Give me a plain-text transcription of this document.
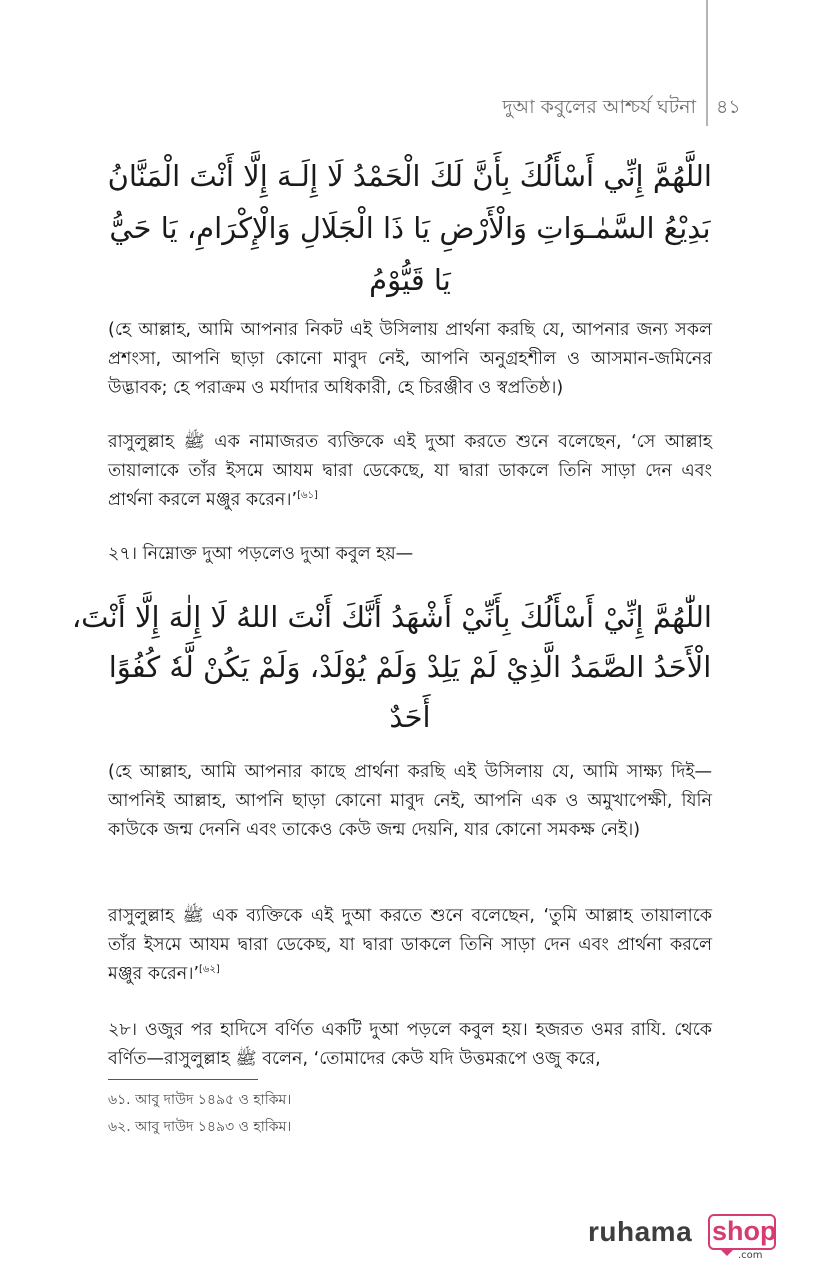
দুআ কবুলের আশ্চর্য ঘটনা ৪১
اللَّهُمَّ إِنِّي أَسْأَلُكَ بِأَنَّ لَكَ الْحَمْدُ لَا إِلَـهَ إِلَّا أَنْتَ الْمَنَّانُ
بَدِيْعُ السَّمٰـوَاتِ وَالْأَرْضِ يَا ذَا الْجَلَالِ وَالْإِكْرَامِ، يَا حَيُّ
يَا قَيُّوْمُ

(হে আল্লাহ, আমি আপনার নিকট এই উসিলায় প্রার্থনা করছি যে, আপনার জন্য সকল প্রশংসা, আপনি ছাড়া কোনো মাবুদ নেই, আপনি অনুগ্রহশীল ও আসমান-জমিনের উদ্ভাবক; হে পরাক্রম ও মর্যাদার অধিকারী, হে চিরঞ্জীব ও স্বপ্রতিষ্ঠ।)

রাসুলুল্লাহ ﷺ এক নামাজরত ব্যক্তিকে এই দুআ করতে শুনে বলেছেন, ‘সে আল্লাহ তায়ালাকে তাঁর ইসমে আযম দ্বারা ডেকেছে, যা দ্বারা ডাকলে তিনি সাড়া দেন এবং প্রার্থনা করলে মঞ্জুর করেন।’[৬১]

২৭। নিম্নোক্ত দুআ পড়লেও দুআ কবুল হয়—

اللّٰهُمَّ إِنِّيْ أَسْأَلُكَ بِأَنِّيْ أَشْهَدُ أَنَّكَ أَنْتَ اللهُ لَا إِلٰهَ إِلَّا أَنْتَ،
الْأَحَدُ الصَّمَدُ الَّذِيْ لَمْ يَلِدْ وَلَمْ يُوْلَدْ، وَلَمْ يَكُنْ لَّهٗ كُفُوًا
أَحَدٌ

(হে আল্লাহ, আমি আপনার কাছে প্রার্থনা করছি এই উসিলায় যে, আমি সাক্ষ্য দিই—আপনিই আল্লাহ, আপনি ছাড়া কোনো মাবুদ নেই, আপনি এক ও অমুখাপেক্ষী, যিনি কাউকে জন্ম দেননি এবং তাকেও কেউ জন্ম দেয়নি, যার কোনো সমকক্ষ নেই।)

রাসুলুল্লাহ ﷺ এক ব্যক্তিকে এই দুআ করতে শুনে বলেছেন, ‘তুমি আল্লাহ তায়ালাকে তাঁর ইসমে আযম দ্বারা ডেকেছ, যা দ্বারা ডাকলে তিনি সাড়া দেন এবং প্রার্থনা করলে মঞ্জুর করেন।’[৬২]

২৮। ওজুর পর হাদিসে বর্ণিত একটি দুআ পড়লে কবুল হয়। হজরত ওমর রাযি. থেকে বর্ণিত—রাসুলুল্লাহ ﷺ বলেন, ‘তোমাদের কেউ যদি উত্তমরূপে ওজু করে,

৬১. আবু দাউদ ১৪৯৫ ও হাকিম।
৬২. আবু দাউদ ১৪৯৩ ও হাকিম।
ruhama shop
.com
